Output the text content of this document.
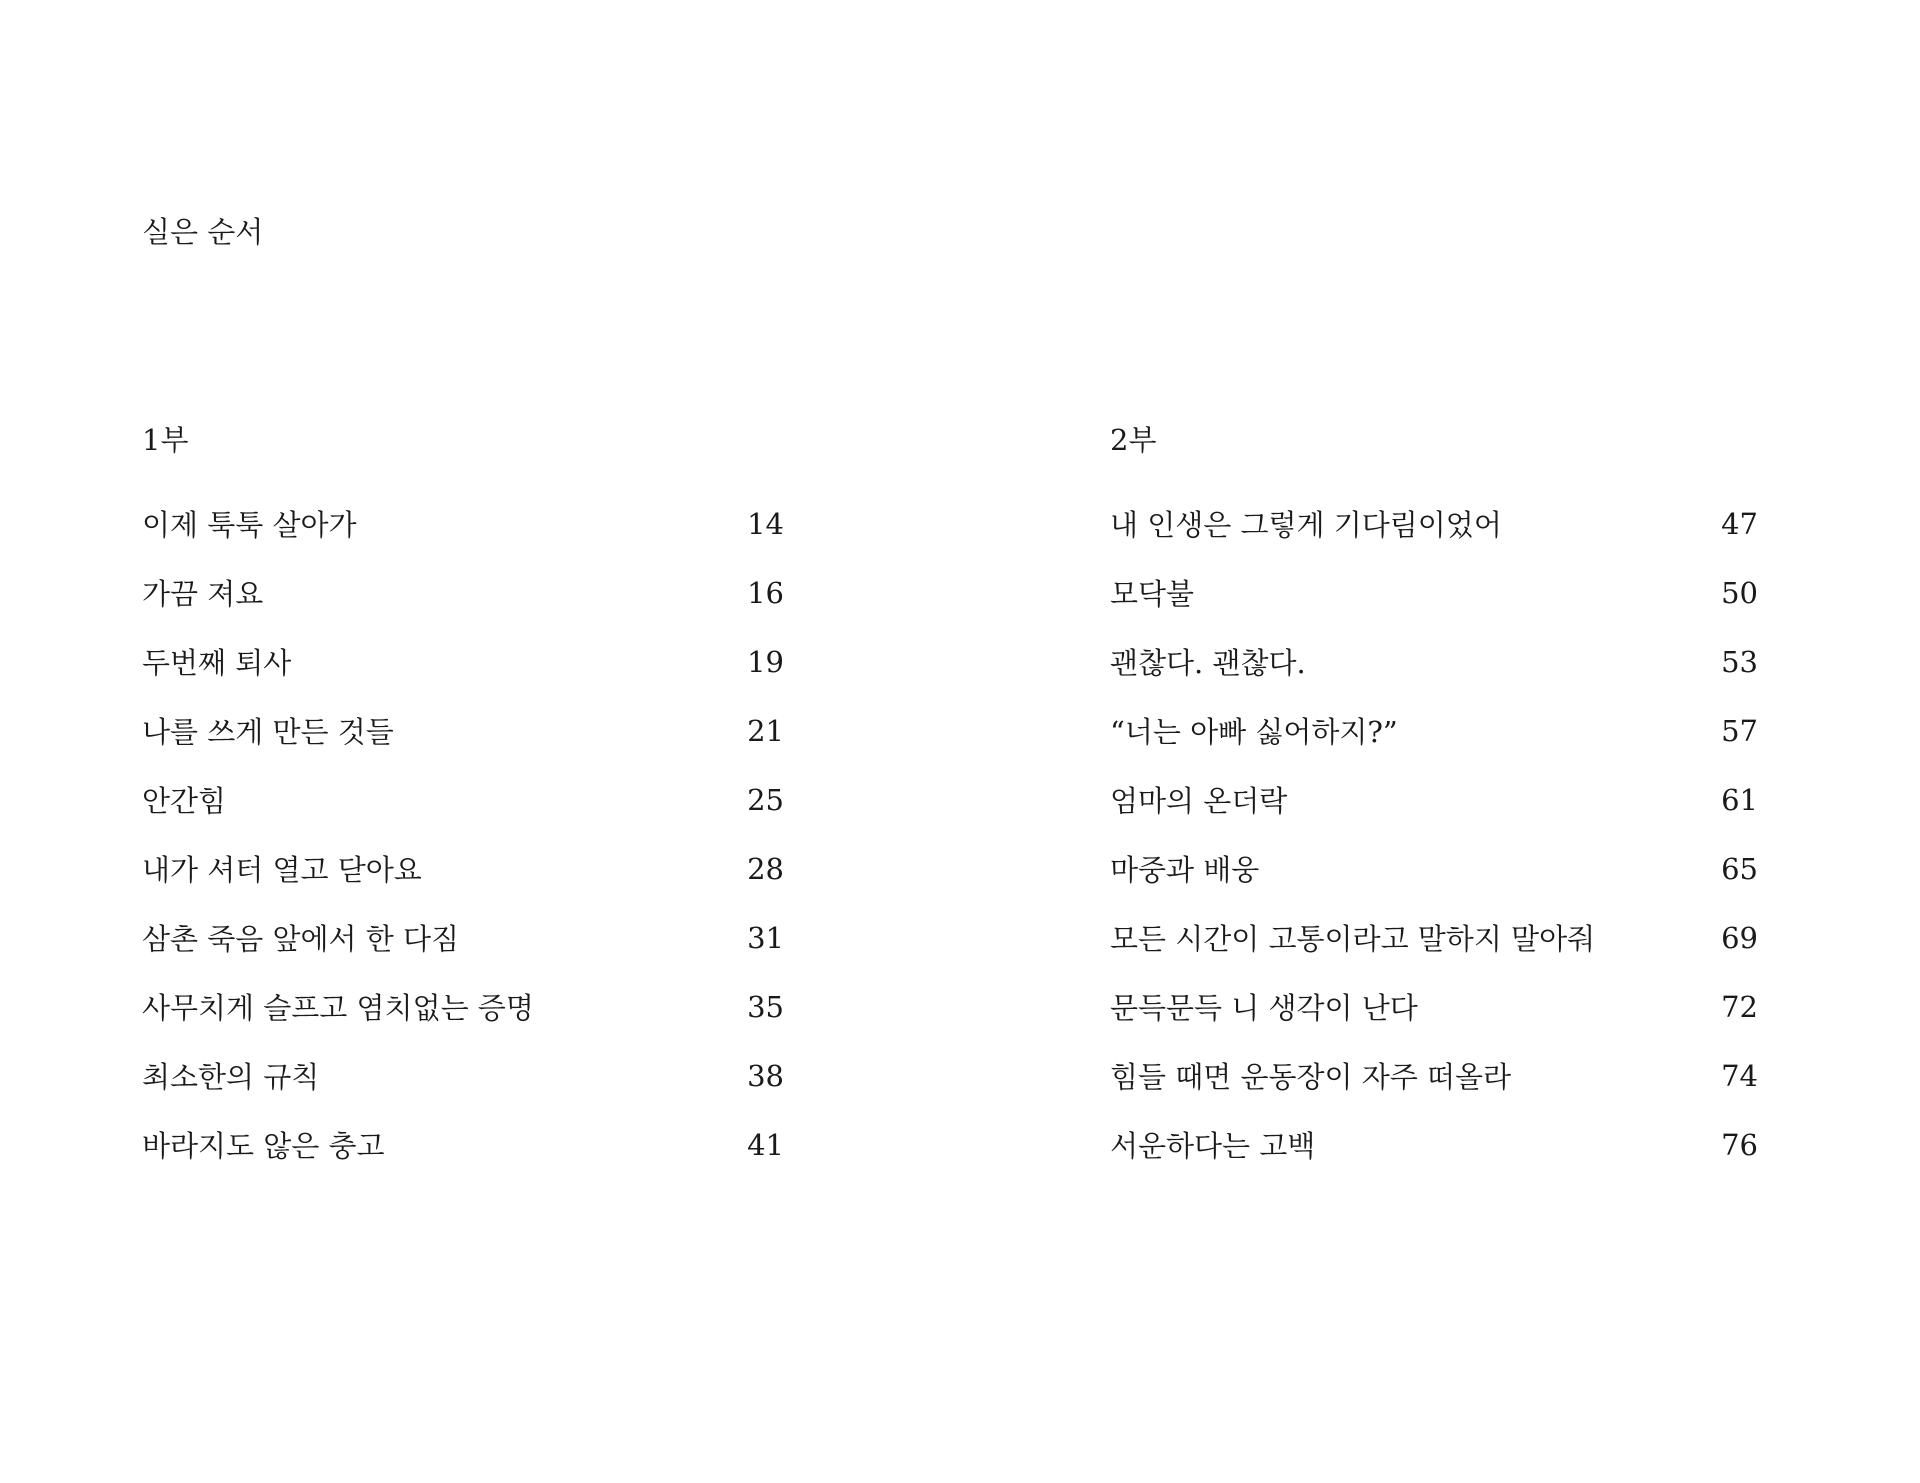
실은 순서
1부
이제 툭툭 살아가	14
가끔 져요	16
두번째 퇴사	19
나를 쓰게 만든 것들	21
안간힘	25
내가 셔터 열고 닫아요	28
삼촌 죽음 앞에서 한 다짐	31
사무치게 슬프고 염치없는 증명	35
최소한의 규칙	38
바라지도 않은 충고	41
2부
내 인생은 그렇게 기다림이었어	47
모닥불	50
괜찮다. 괜찮다.	53
“너는 아빠 싫어하지?”	57
엄마의 온더락	61
마중과 배웅	65
모든 시간이 고통이라고 말하지 말아줘	69
문득문득 니 생각이 난다	72
힘들 때면 운동장이 자주 떠올라	74
서운하다는 고백	76
